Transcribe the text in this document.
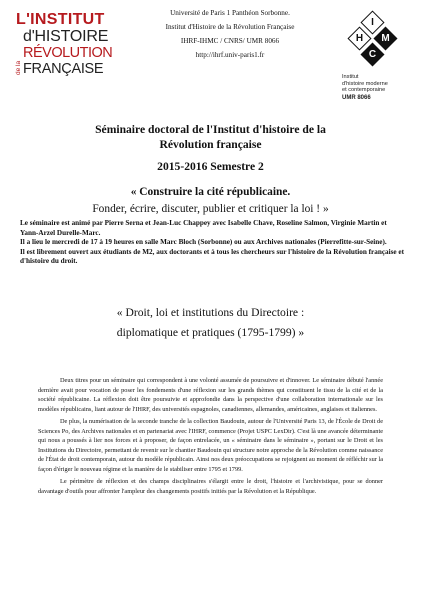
L'INSTITUT
d'HISTOIRE
RÉVOLUTION
FRANÇAISE
de la
Université de Paris 1 Panthéon Sorbonne.
Institut d'Histoire de la Révolution Française
IHRF-IHMC / CNRS/ UMR 8066
http://ihrf.univ-paris1.fr
I
M
H
C
Institut
d'histoire moderne
et contemporaine
UMR 8066
Séminaire doctoral de l'Institut d'histoire de la
Révolution française
2015-2016 Semestre 2
« Construire la cité républicaine.
Fonder, écrire, discuter, publier et critiquer la loi ! »

Le séminaire est animé par Pierre Serna et Jean-Luc Chappey avec Isabelle Chave, Roseline Salmon, Virginie Martin et Yann-Arzel Durelle-Marc.

Il a lieu le mercredi de 17 à 19 heures en salle Marc Bloch (Sorbonne) ou aux Archives nationales (Pierrefitte-sur-Seine).

Il est librement ouvert aux étudiants de M2, aux doctorants et à tous les chercheurs sur l'histoire de la Révolution française et d'histoire du droit.

« Droit, loi et institutions du Directoire :
diplomatique et pratiques (1795-1799) »

Deux titres pour un séminaire qui correspondent à une volonté assumée de poursuivre et d'innover. Le séminaire débuté l'année dernière avait pour vocation de poser les fondements d'une réflexion sur les grands thèmes qui constituent le tissu de la cité et de la société républicaine. La réflexion doit être poursuivie et approfondie dans la perspective d'une collaboration internationale sur les modèles républicains, liant autour de l'IHRF, des universités espagnoles, canadiennes, allemandes, américaines, anglaises et italiennes.

De plus, la numérisation de la seconde tranche de la collection Baudouin, autour de l'Université Paris 13, de l'École de Droit de Sciences Po, des Archives nationales et en partenariat avec l'IHRF, commence (Projet USPC LexDir). C'est là une avancée déterminante qui nous a poussés à lier nos forces et à proposer, de façon entrelacée, un « séminaire dans le séminaire », portant sur le Droit et les Institutions du Directoire, permettant de revenir sur le chantier Baudouin qui structure notre approche de la Révolution comme naissance de l'État de droit contemporain, autour du modèle républicain. Ainsi nos deux préoccupations se rejoignent au moment de réfléchir sur la façon d'ériger le nouveau régime et la manière de le stabiliser entre 1795 et 1799.

Le périmètre de réflexion et des champs disciplinaires s'élargit entre le droit, l'histoire et l'archivistique, pour se donner davantage d'outils pour affronter l'ampleur des changements positifs initiés par la Révolution et la République.
